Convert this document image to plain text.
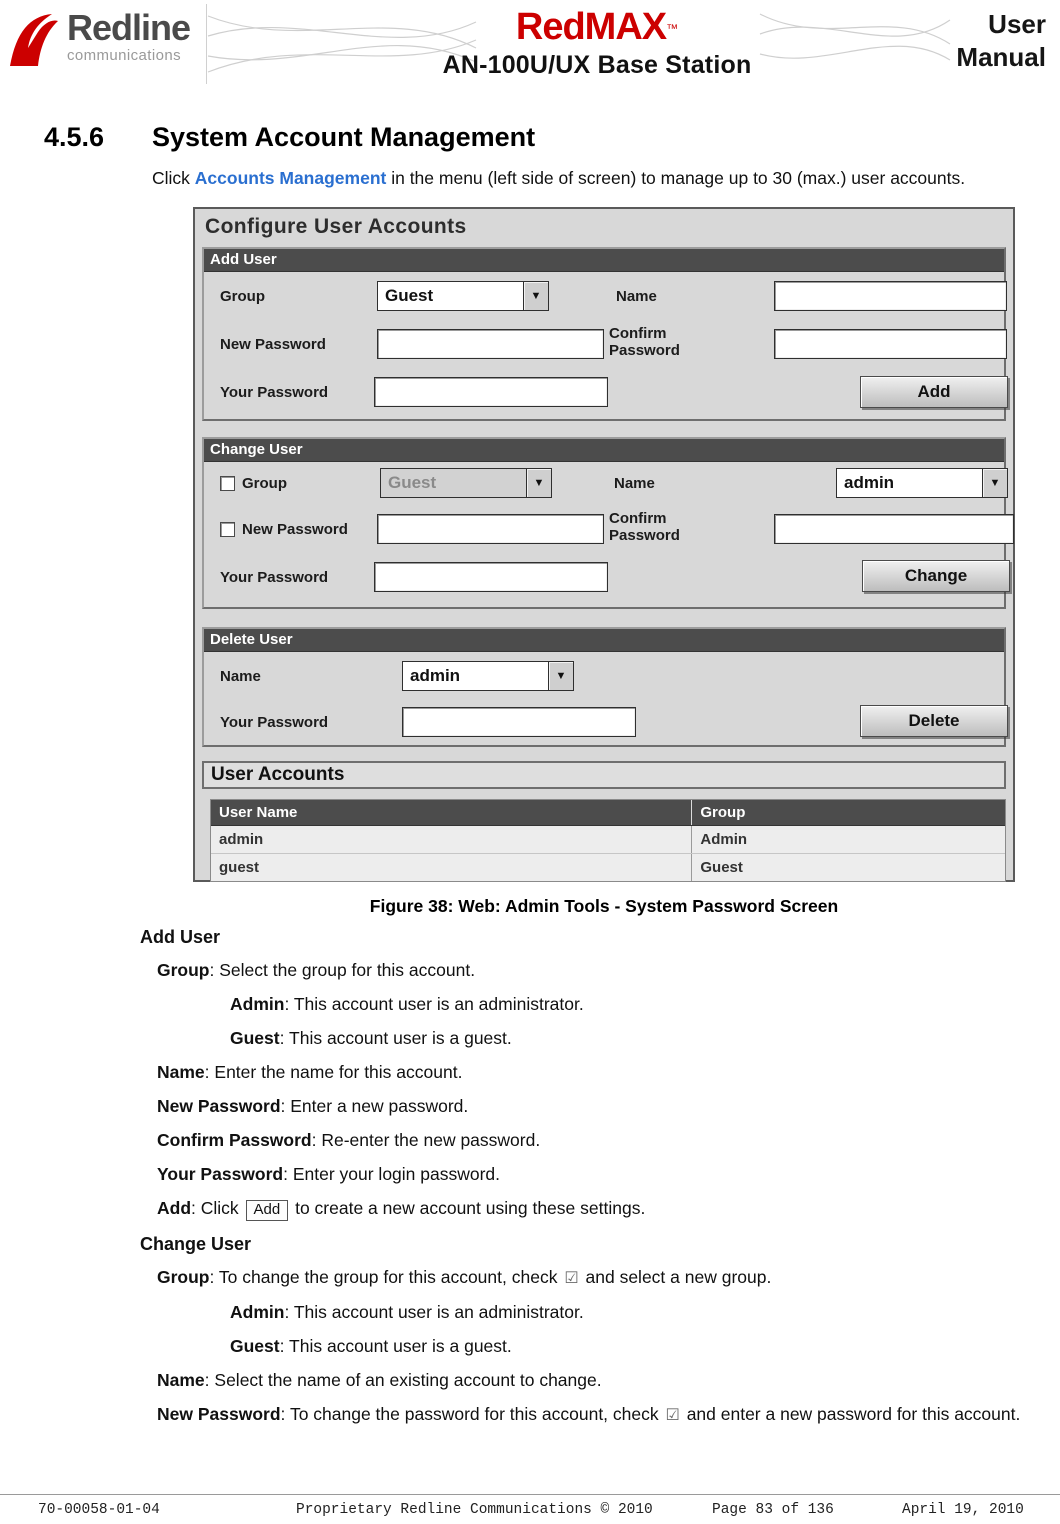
Redline
communications
RedMAX™
AN-100U/UX Base Station
User
Manual
4.5.6	System Account Management

Click Accounts Management in the menu (left side of screen) to manage up to 30 (max.) user accounts.

Configure User Accounts
Add User
Group	Guest	▼	Name
New Password
Confirm Password
Your Password	Add
Change User
Group	Guest	▼	Name	admin	▼
New Password
Confirm Password
Your Password	Change
Delete User
Name	admin	▼
Your Password	Delete
User Accounts
User Name	Group
admin	Admin
guest	Guest
Figure 38: Web: Admin Tools - System Password Screen
Add User

Group: Select the group for this account.

Admin: This account user is an administrator.

Guest: This account user is a guest.

Name: Enter the name for this account.

New Password: Enter a new password.

Confirm Password: Re-enter the new password.

Your Password: Enter your login password.

Add: Click Add to create a new account using these settings.

Change User

Group: To change the group for this account, check ☑ and select a new group.

Admin: This account user is an administrator.

Guest: This account user is a guest.

Name: Select the name of an existing account to change.

New Password: To change the password for this account, check ☑ and enter a new password for this account.

70-00058-01-04	Proprietary Redline Communications © 2010	Page 83 of 136	April 19, 2010
